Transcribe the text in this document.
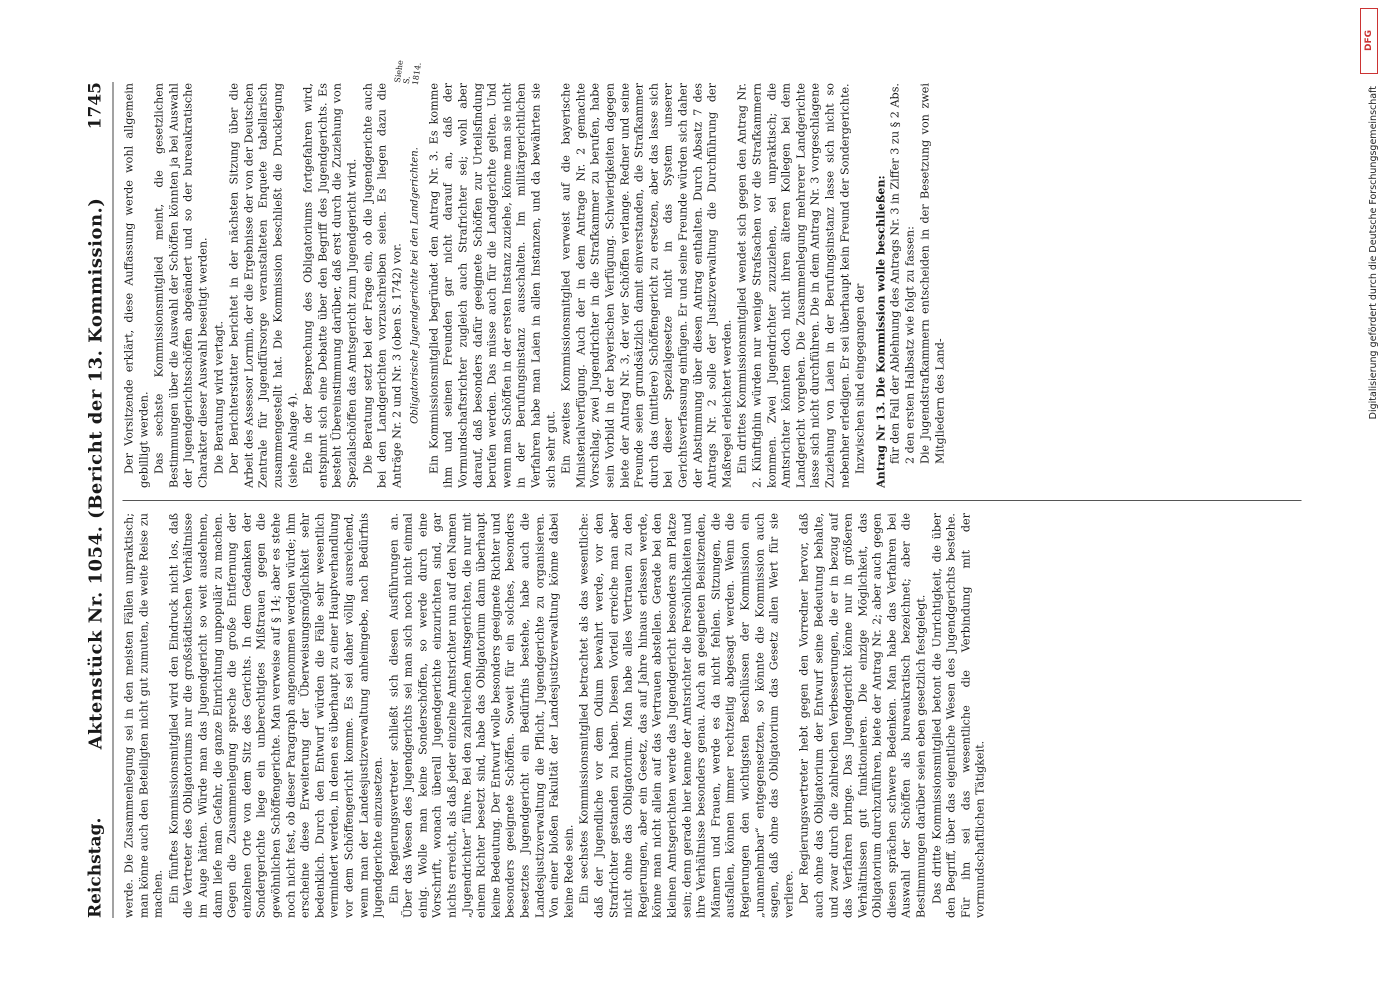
Reichstag.
Aktenstück Nr. 1054. (Bericht der 13. Kommission.)
1745

werde. Die Zusammenlegung sei in den meisten Fällen unpraktisch; man könne auch den Beteiligten nicht gut zumuten, die weite Reise zu machen. Ein fünftes Kommissionsmitglied wird den Eindruck nicht los, daß die Vertreter des Obligatoriums nur die großstädtischen Verhältnisse im Auge hätten. Würde man das Jugendgericht so weit ausdehnen, dann liefe man Gefahr, die ganze Einrichtung unpopulär zu machen. Gegen die Zusammenlegung spreche die große Entfernung der einzelnen Orte von dem Sitz des Gerichts. In dem Gedanken der Sondergerichte liege ein unberechtigtes Mißtrauen gegen die gewöhnlichen Schöffengerichte. Man verweise auf § 14; aber es stehe noch nicht fest, ob dieser Paragraph angenommen werden würde; ihm erscheine diese Erweiterung der Überweisungsmöglichkeit sehr bedenklich. Durch den Entwurf würden die Fälle sehr wesentlich vermindert werden, in denen es überhaupt zu einer Hauptverhandlung vor dem Schöffengericht komme. Es sei daher völlig ausreichend, wenn man der Landesjustizverwaltung anheimgebe, nach Bedürfnis Jugendgerichte einzusetzen. Ein Regierungsvertreter schließt sich diesen Ausführungen an. Über das Wesen des Jugendgerichts sei man sich noch nicht einmal einig. Wolle man keine Sonderschöffen, so werde durch eine Vorschrift, wonach überall Jugendgerichte einzurichten sind, gar nichts erreicht, als daß jeder einzelne Amtsrichter nun auf den Namen „Jugendrichter“ führe. Bei den zahlreichen Amtsgerichten, die nur mit einem Richter besetzt sind, habe das Obligatorium dann überhaupt keine Bedeutung. Der Entwurf wolle besonders geeignete Richter und besonders geeignete Schöffen. Soweit für ein solches, besonders besetztes Jugendgericht ein Bedürfnis bestehe, habe auch die Landesjustizverwaltung die Pflicht, Jugendgerichte zu organisieren. Von einer bloßen Fakultät der Landesjustizverwaltung könne dabei keine Rede sein. Ein sechstes Kommissionsmitglied betrachtet als das wesentliche: daß der Jugendliche vor dem Odium bewahrt werde, vor den Strafrichter gestanden zu haben. Diesen Vorteil erreiche man aber nicht ohne das Obligatorium. Man habe alles Vertrauen zu den Regierungen, aber ein Gesetz, das auf Jahre hinaus erlassen werde, könne man nicht allein auf das Vertrauen abstellen. Gerade bei den kleinen Amtsgerichten werde das Jugendgericht besonders am Platze sein; denn gerade hier kenne der Amtsrichter die Persönlichkeiten und ihre Verhältnisse besonders genau. Auch an geeigneten Beisitzenden, Männern und Frauen, werde es da nicht fehlen. Sitzungen, die ausfallen, können immer rechtzeitig abgesagt werden. Wenn die Regierungen den wichtigsten Beschlüssen der Kommission ein „unannehmbar“ entgegensetzten, so könnte die Kommission auch sagen, daß ohne das Obligatorium das Gesetz allen Wert für sie verliere. Der Regierungsvertreter hebt gegen den Vorredner hervor, daß auch ohne das Obligatorium der Entwurf seine Bedeutung behalte, und zwar durch die zahlreichen Verbesserungen, die er in bezug auf das Verfahren bringe. Das Jugendgericht könne nur in größeren Verhältnissen gut funktionieren. Die einzige Möglichkeit, das Obligatorium durchzuführen, biete der Antrag Nr. 2; aber auch gegen diesen sprächen schwere Bedenken. Man habe das Verfahren bei Auswahl der Schöffen als bureaukratisch bezeichnet; aber die Bestimmungen darüber seien eben gesetzlich festgelegt. Das dritte Kommissionsmitglied betont die Unrichtigkeit, die über den Begriff, über das eigentliche Wesen des Jugendgerichts bestehe. Für ihn sei das wesentliche die Verbindung mit der vormundschaftlichen Tätigkeit.

Der Vorsitzende erklärt, diese Auffassung werde wohl allgemein gebilligt werden. Das sechste Kommissionsmitglied meint, die gesetzlichen Bestimmungen über die Auswahl der Schöffen könnten ja bei Auswahl der Jugendgerichtsschöffen abgeändert und so der bureaukratische Charakter dieser Auswahl beseitigt werden. Die Beratung wird vertagt. Der Berichterstatter berichtet in der nächsten Sitzung über die Arbeit des Assessor Lormin, der die Ergebnisse der von der Deutschen Zentrale für Jugendfürsorge veranstalteten Enquete tabellarisch zusammengestellt hat. Die Kommission beschließt die Drucklegung (siehe Anlage 4). Ehe in der Besprechung des Obligatoriums fortgefahren wird, entspinnt sich eine Debatte über den Begriff des Jugendgerichts. Es besteht Übereinstimmung darüber, daß erst durch die Zuziehung von Spezialschöffen das Amtsgericht zum Jugendgericht wird. Die Beratung setzt bei der Frage ein, ob die Jugendgerichte auch bei den Landgerichten vorzuschreiben seien. Es liegen dazu die Anträge Nr. 2 und Nr. 3 (oben S. 1742) vor. Obligatorische Jugendgerichte bei den Landgerichten. Ein Kommissionsmitglied begründet den Antrag Nr. 3. Es komme ihm und seinen Freunden gar nicht darauf an, daß der Vormundschaftsrichter zugleich auch Strafrichter sei; wohl aber darauf, daß besonders dafür geeignete Schöffen zur Urteilsfindung berufen werden. Das müsse auch für die Landgerichte gelten. Und wenn man Schöffen in der ersten Instanz zuziehe, könne man sie nicht in der Berufungsinstanz ausschalten. Im militärgerichtlichen Verfahren habe man Laien in allen Instanzen, und da bewährten sie sich sehr gut. Ein zweites Kommissionsmitglied verweist auf die bayerische Ministerialverfügung. Auch der in dem Antrage Nr. 2 gemachte Vorschlag, zwei Jugendrichter in die Strafkammer zu berufen, habe sein Vorbild in der bayerischen Verfügung. Schwierigkeiten dagegen biete der Antrag Nr. 3, der vier Schöffen verlange. Redner und seine Freunde seien grundsätzlich damit einverstanden, die Strafkammer durch das (mittlere) Schöffengericht zu ersetzen, aber das lasse sich bei dieser Spezialgesetze nicht in das System unserer Gerichtsverfassung einfügen. Er und seine Freunde würden sich daher der Abstimmung über diesen Antrag enthalten. Durch Absatz 7 des Antrags Nr. 2 solle der Justizverwaltung die Durchführung der Maßregel erleichtert werden. Ein drittes Kommissionsmitglied wendet sich gegen den Antrag Nr. 2. Künftighin würden nur wenige Strafsachen vor die Strafkammern kommen. Zwei Jugendrichter zuzuziehen, sei unpraktisch; die Amtsrichter könnten doch nicht ihren älteren Kollegen bei dem Landgericht vorgehen. Die Zusammenlegung mehrerer Landgerichte lasse sich nicht durchführen. Die in dem Antrag Nr. 3 vorgeschlagene Zuziehung von Laien in der Berufungsinstanz lasse sich nicht so nebenher erledigen. Er sei überhaupt kein Freund der Sondergerichte. Inzwischen sind eingegangen der Antrag Nr 13. Die Kommission wolle beschließen: für den Fall der Ablehnung des Antrags Nr. 3 in Ziffer 3 zu § 2 Abs. 2 den ersten Halbsatz wie folgt zu fassen: Die Jugendstrafkammern entscheiden in der Besetzung von zwei Mitgliedern des Land-

Siehe S. 1814.
DFG
Digitalisierung gefördert durch die Deutsche Forschungsgemeinschaft
